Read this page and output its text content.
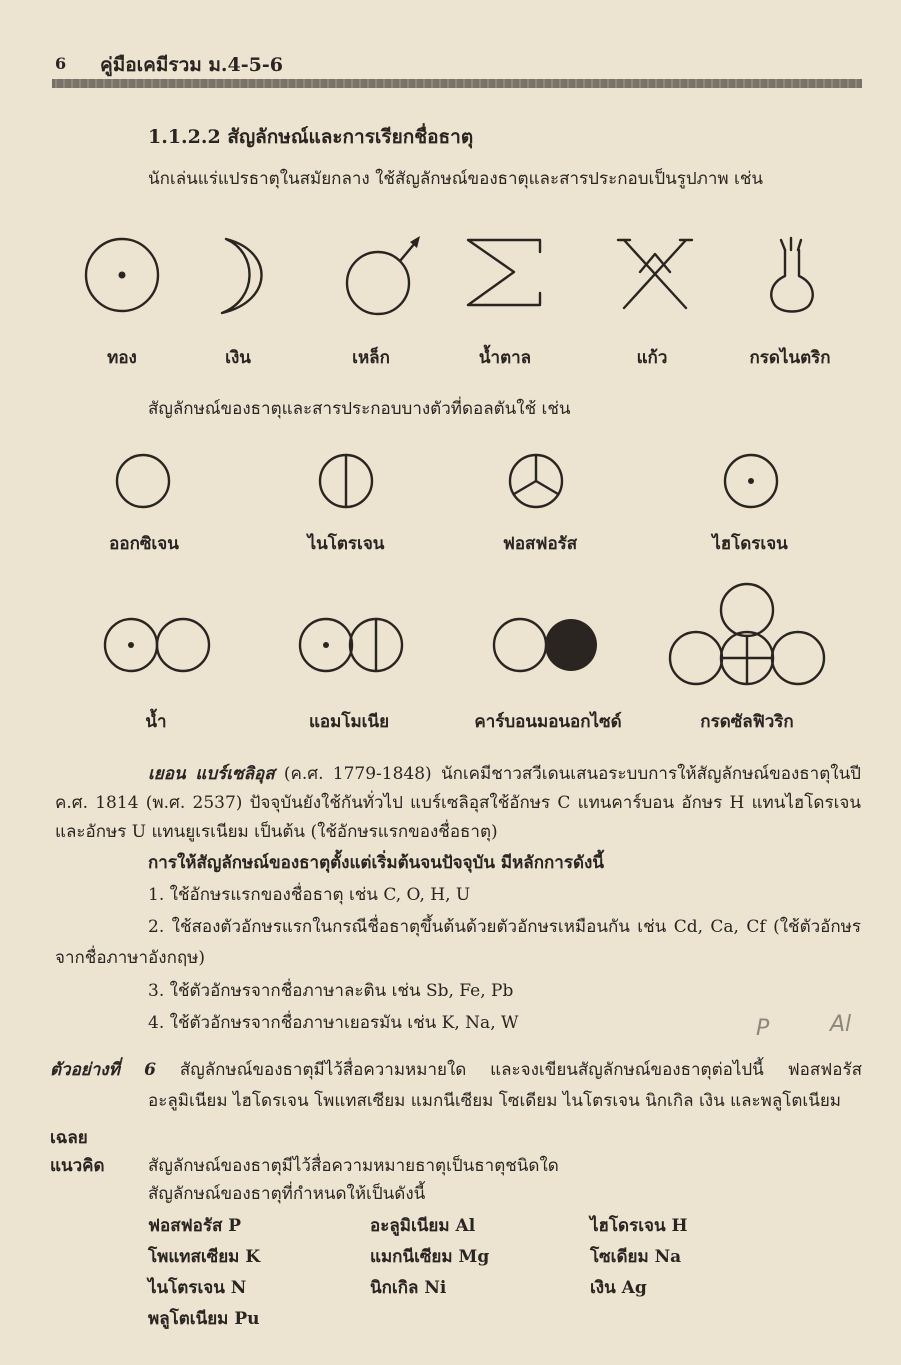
6 คู่มือเคมีรวม ม.4-5-6
1.1.2.2 สัญลักษณ์และการเรียกชื่อธาตุ
นักเล่นแร่แปรธาตุในสมัยกลาง ใช้สัญลักษณ์ของธาตุและสารประกอบเป็นรูปภาพ เช่น
ทอง	เงิน	เหล็ก	น้ำตาล	แก้ว	กรดไนตริก
สัญลักษณ์ของธาตุและสารประกอบบางตัวที่ดอลตันใช้ เช่น
ออกซิเจน	ไนโตรเจน	ฟอสฟอรัส	ไฮโดรเจน
น้ำ	แอมโมเนีย	คาร์บอนมอนอกไซด์	กรดซัลฟิวริก
เยอน แบร์เซลิอุส (ค.ศ. 1779-1848) นักเคมีชาวสวีเดนเสนอระบบการให้สัญลักษณ์ของธาตุในปี ค.ศ. 1814 (พ.ศ. 2537) ปัจจุบันยังใช้กันทั่วไป แบร์เซลิอุสใช้อักษร C แทนคาร์บอน อักษร H แทนไฮโดรเจน และอักษร U แทนยูเรเนียม เป็นต้น (ใช้อักษรแรกของชื่อธาตุ)
การให้สัญลักษณ์ของธาตุตั้งแต่เริ่มต้นจนปัจจุบัน มีหลักการดังนี้
1. ใช้อักษรแรกของชื่อธาตุ เช่น C, O, H, U
2. ใช้สองตัวอักษรแรกในกรณีชื่อธาตุขึ้นต้นด้วยตัวอักษรเหมือนกัน เช่น Cd, Ca, Cf (ใช้ตัวอักษรจากชื่อภาษาอังกฤษ)
3. ใช้ตัวอักษรจากชื่อภาษาละติน เช่น Sb, Fe, Pb
4. ใช้ตัวอักษรจากชื่อภาษาเยอรมัน เช่น K, Na, W	P	Al
ตัวอย่างที่ 6 สัญลักษณ์ของธาตุมีไว้สื่อความหมายใด และจงเขียนสัญลักษณ์ของธาตุต่อไปนี้ ฟอสฟอรัส อะลูมิเนียม ไฮโดรเจน โพแทสเซียม แมกนีเซียม โซเดียม ไนโตรเจน นิกเกิล เงิน และพลูโตเนียม
เฉลย
แนวคิด	สัญลักษณ์ของธาตุมีไว้สื่อความหมายธาตุเป็นธาตุชนิดใด
สัญลักษณ์ของธาตุที่กำหนดให้เป็นดังนี้
ฟอสฟอรัส P	อะลูมิเนียม Al	ไฮโดรเจน H
โพแทสเซียม K	แมกนีเซียม Mg	โซเดียม Na
ไนโตรเจน N	นิกเกิล Ni	เงิน Ag
พลูโตเนียม Pu
